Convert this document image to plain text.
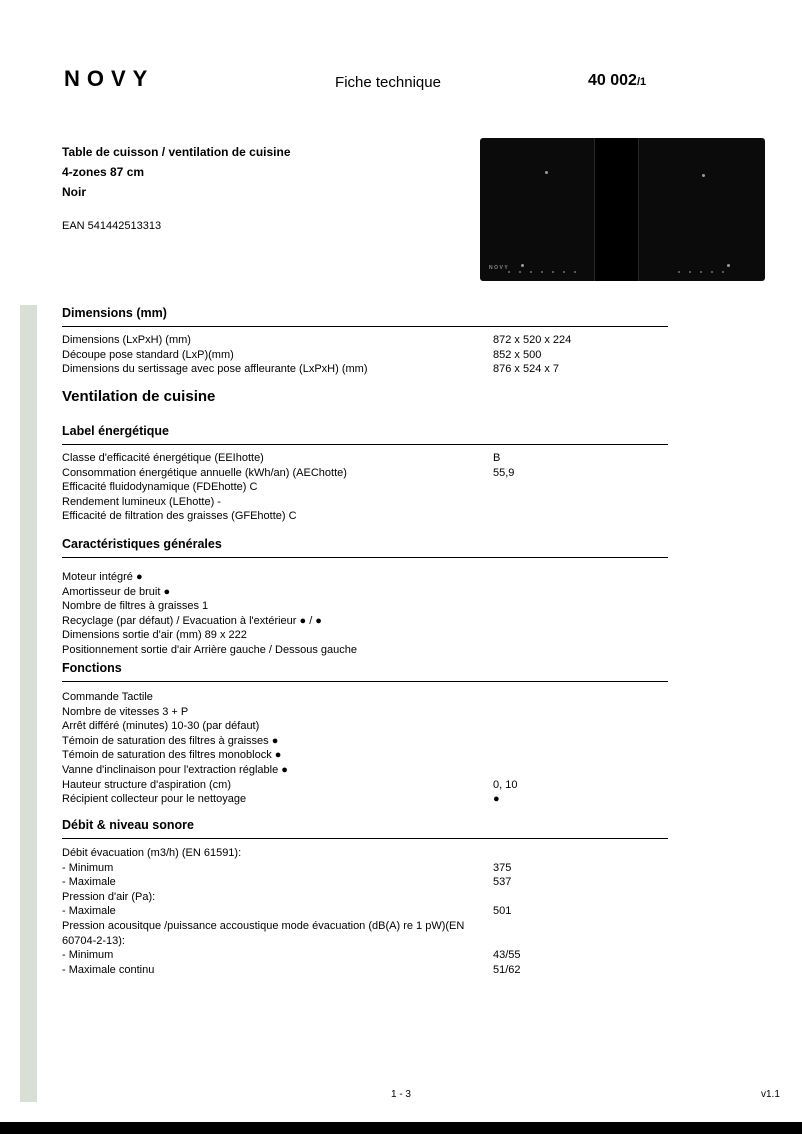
NOVY	Fiche technique	40 002/1
Table de cuisson / ventilation de cuisine
4-zones 87 cm
Noir
EAN 541442513313
NOVY
Dimensions (mm)
Dimensions (LxPxH) (mm)	872 x 520 x 224
Découpe pose standard (LxP)(mm)	852 x 500
Dimensions du sertissage avec pose affleurante (LxPxH) (mm)	876 x 524 x 7
Ventilation de cuisine
Label énergétique
Classe d'efficacité énergétique (EEIhotte)	B
Consommation énergétique annuelle (kWh/an) (AEChotte)	55,9
Efficacité fluidodynamique (FDEhotte) C
Rendement lumineux (LEhotte) -
Efficacité de filtration des graisses (GFEhotte) C
Caractéristiques générales
Moteur intégré ●
Amortisseur de bruit ●
Nombre de filtres à graisses 1
Recyclage (par défaut) / Evacuation à l'extérieur ● / ●
Dimensions sortie d'air (mm) 89 x 222
Positionnement sortie d'air Arrière gauche / Dessous gauche
Fonctions
Commande Tactile
Nombre de vitesses 3 + P
Arrêt différé (minutes) 10-30 (par défaut)
Témoin de saturation des filtres à graisses ●
Témoin de saturation des filtres monoblock ●
Vanne d'inclinaison pour l'extraction réglable ●
Hauteur structure d'aspiration (cm)	0, 10
Récipient collecteur pour le nettoyage	●
Débit & niveau sonore
Débit évacuation (m3/h) (EN 61591):
- Minimum	375
- Maximale	537
Pression d'air (Pa):
- Maximale	501
Pression acousitque /puissance accoustique mode évacuation (dB(A) re 1 pW)(EN 60704-2-13):
- Minimum	43/55
- Maximale continu	51/62
1 - 3	v1.1
